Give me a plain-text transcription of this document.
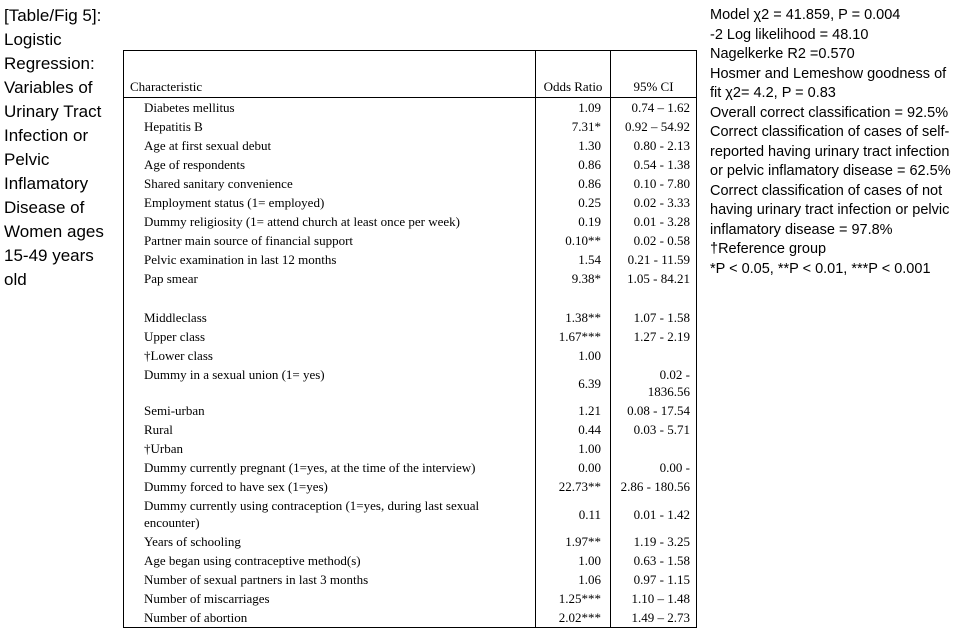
[Table/Fig 5]: Logistic Regression: Variables of Urinary Tract Infection or Pelvic Inflamatory Disease of Women ages 15-49 years old
Characteristic	Odds Ratio	95% CI
Diabetes mellitus	1.09	0.74 – 1.62
Hepatitis B	7.31*	0.92 – 54.92
Age at first sexual debut	1.30	0.80 - 2.13
Age of respondents	0.86	0.54 - 1.38
Shared sanitary convenience	0.86	0.10 - 7.80
Employment status (1= employed)	0.25	0.02 - 3.33
Dummy religiosity (1= attend church at least once per week)	0.19	0.01 - 3.28
Partner main source of financial support	0.10**	0.02 - 0.58
Pelvic examination in last 12 months	1.54	0.21 - 11.59
Pap smear	9.38*	1.05 - 84.21

Middleclass	1.38**	1.07 - 1.58
Upper class	1.67***	1.27 - 2.19
†Lower class	1.00	
Dummy in a sexual union (1= yes)	6.39	0.02 -
1836.56
Semi-urban	1.21	0.08 - 17.54
Rural	0.44	0.03 - 5.71
†Urban	1.00	
Dummy currently pregnant (1=yes, at the time of the interview)	0.00	0.00 -
Dummy forced to have sex (1=yes)	22.73**	2.86 - 180.56
Dummy currently using contraception (1=yes, during last sexual encounter)	0.11	0.01 - 1.42
Years of schooling	1.97**	1.19 - 3.25
Age began using contraceptive method(s)	1.00	0.63 - 1.58
Number of sexual partners in last 3 months	1.06	0.97 - 1.15
Number of miscarriages	1.25***	1.10 – 1.48
Number of abortion	2.02***	1.49 – 2.73
Model χ2 = 41.859, P = 0.004
-2 Log likelihood = 48.10
Nagelkerke R2 =0.570
Hosmer and Lemeshow goodness of fit χ2= 4.2, P = 0.83
Overall correct classification = 92.5%
Correct classification of cases of self-reported having urinary tract infection or pelvic inflamatory disease = 62.5%
Correct classification of cases of not having urinary tract infection or pelvic inflamatory disease = 97.8%
†Reference group
*P < 0.05, **P < 0.01, ***P < 0.001
